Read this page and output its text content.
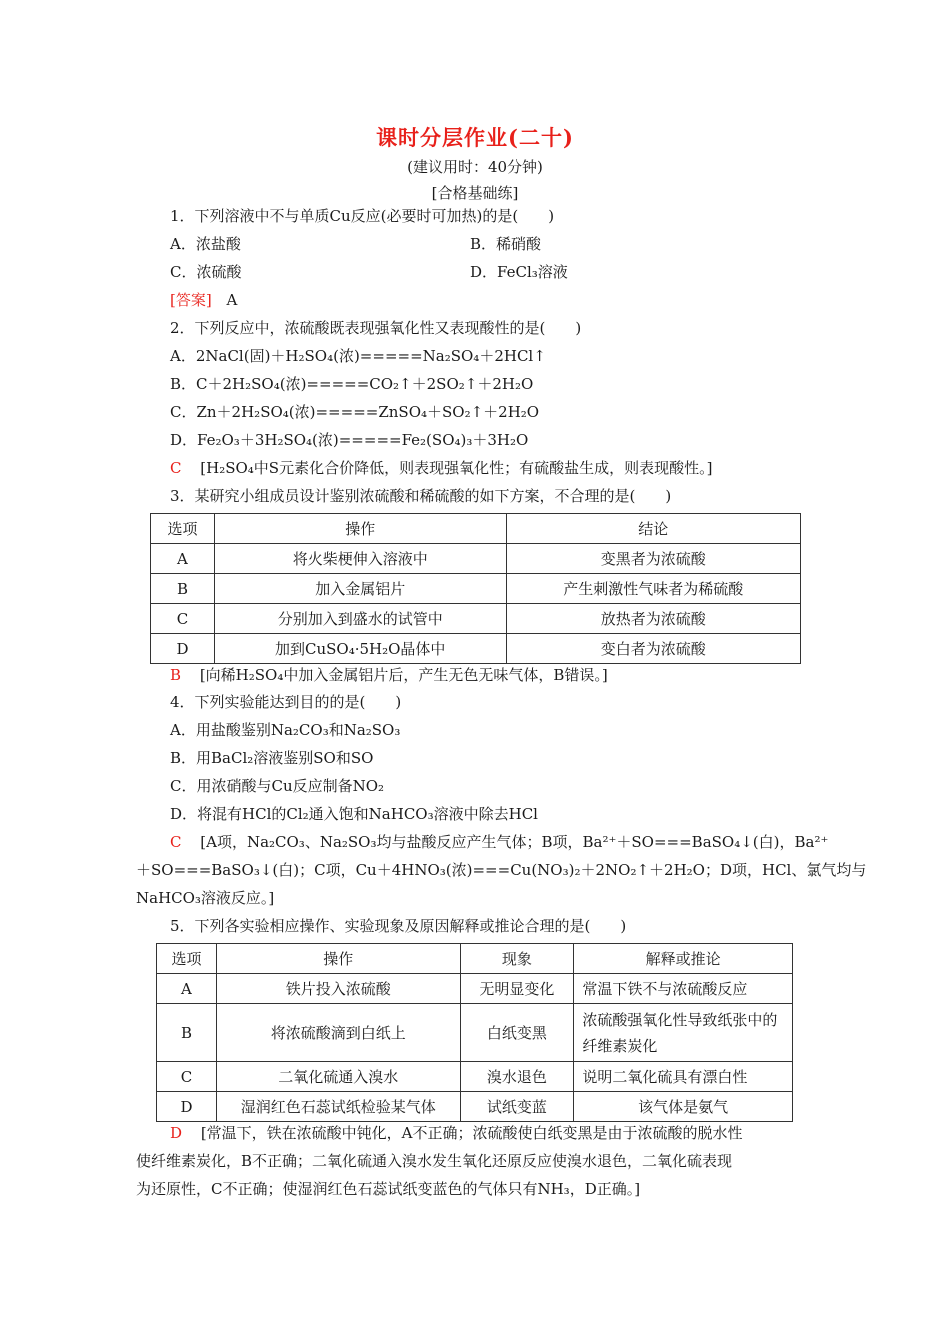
课时分层作业(二十)
(建议用时：40分钟)
[合格基础练]
1．下列溶液中不与单质Cu反应(必要时可加热)的是(　　)
A．浓盐酸	B．稀硝酸
C．浓硫酸	D．FeCl₃溶液
[答案] A
2．下列反应中，浓硫酸既表现强氧化性又表现酸性的是(　　)
A．2NaCl(固)＋H₂SO₄(浓)=====Na₂SO₄＋2HCl↑
B．C＋2H₂SO₄(浓)=====CO₂↑＋2SO₂↑＋2H₂O
C．Zn＋2H₂SO₄(浓)=====ZnSO₄＋SO₂↑＋2H₂O
D．Fe₂O₃＋3H₂SO₄(浓)=====Fe₂(SO₄)₃＋3H₂O
C [H₂SO₄中S元素化合价降低，则表现强氧化性；有硫酸盐生成，则表现酸性。]
3．某研究小组成员设计鉴别浓硫酸和稀硫酸的如下方案，不合理的是(　　)
选项	操作	结论
A	将火柴梗伸入溶液中	变黑者为浓硫酸
B	加入金属铝片	产生刺激性气味者为稀硫酸
C	分别加入到盛水的试管中	放热者为浓硫酸
D	加到CuSO₄·5H₂O晶体中	变白者为浓硫酸
B [向稀H₂SO₄中加入金属铝片后，产生无色无味气体，B错误。]
4．下列实验能达到目的的是(　　)
A．用盐酸鉴别Na₂CO₃和Na₂SO₃
B．用BaCl₂溶液鉴别SO和SO
C．用浓硝酸与Cu反应制备NO₂
D．将混有HCl的Cl₂通入饱和NaHCO₃溶液中除去HCl
C [A项，Na₂CO₃、Na₂SO₃均与盐酸反应产生气体；B项，Ba²⁺＋SO===BaSO₄↓(白)，Ba²⁺
＋SO===BaSO₃↓(白)；C项，Cu＋4HNO₃(浓)===Cu(NO₃)₂＋2NO₂↑＋2H₂O；D项，HCl、氯气均与
NaHCO₃溶液反应。]
5．下列各实验相应操作、实验现象及原因解释或推论合理的是(　　)
选项	操作	现象	解释或推论
A	铁片投入浓硫酸	无明显变化	常温下铁不与浓硫酸反应
B	将浓硫酸滴到白纸上	白纸变黑	浓硫酸强氧化性导致纸张中的纤维素炭化
C	二氧化硫通入溴水	溴水退色	说明二氧化硫具有漂白性
D	湿润红色石蕊试纸检验某气体	试纸变蓝	该气体是氨气
D [常温下，铁在浓硫酸中钝化，A不正确；浓硫酸使白纸变黑是由于浓硫酸的脱水性
使纤维素炭化，B不正确；二氧化硫通入溴水发生氧化还原反应使溴水退色，二氧化硫表现
为还原性，C不正确；使湿润红色石蕊试纸变蓝色的气体只有NH₃，D正确。]
